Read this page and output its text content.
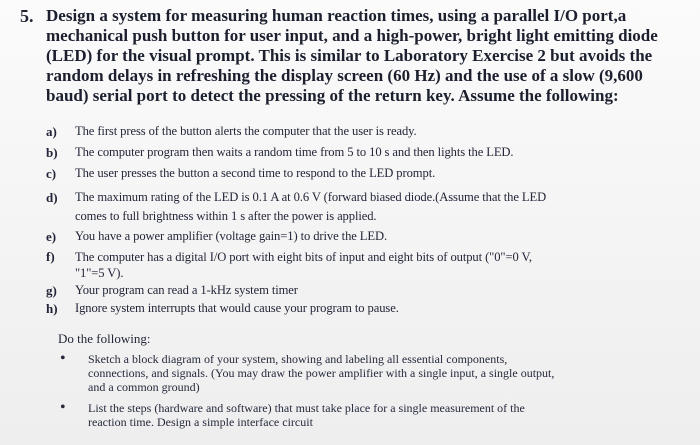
5. Design a system for measuring human reaction times, using a parallel I/O port,a
mechanical push button for user input, and a high-power, bright light emitting diode
(LED) for the visual prompt. This is similar to Laboratory Exercise 2 but avoids the
random delays in refreshing the display screen (60 Hz) and the use of a slow (9,600
baud) serial port to detect the pressing of the return key. Assume the following:
a) The first press of the button alerts the computer that the user is ready.
b) The computer program then waits a random time from 5 to 10 s and then lights the LED.
c) The user presses the button a second time to respond to the LED prompt.
d) The maximum rating of the LED is 0.1 A at 0.6 V (forward biased diode.(Assume that the LED
comes to full brightness within 1 s after the power is applied.
e) You have a power amplifier (voltage gain=1) to drive the LED.
f) The computer has a digital I/O port with eight bits of input and eight bits of output ("0"=0 V,
"1"=5 V).
g) Your program can read a 1-kHz system timer
h) Ignore system interrupts that would cause your program to pause.
Do the following:
• Sketch a block diagram of your system, showing and labeling all essential components,
connections, and signals. (You may draw the power amplifier with a single input, a single output,
and a common ground)
• List the steps (hardware and software) that must take place for a single measurement of the
reaction time. Design a simple interface circuit
